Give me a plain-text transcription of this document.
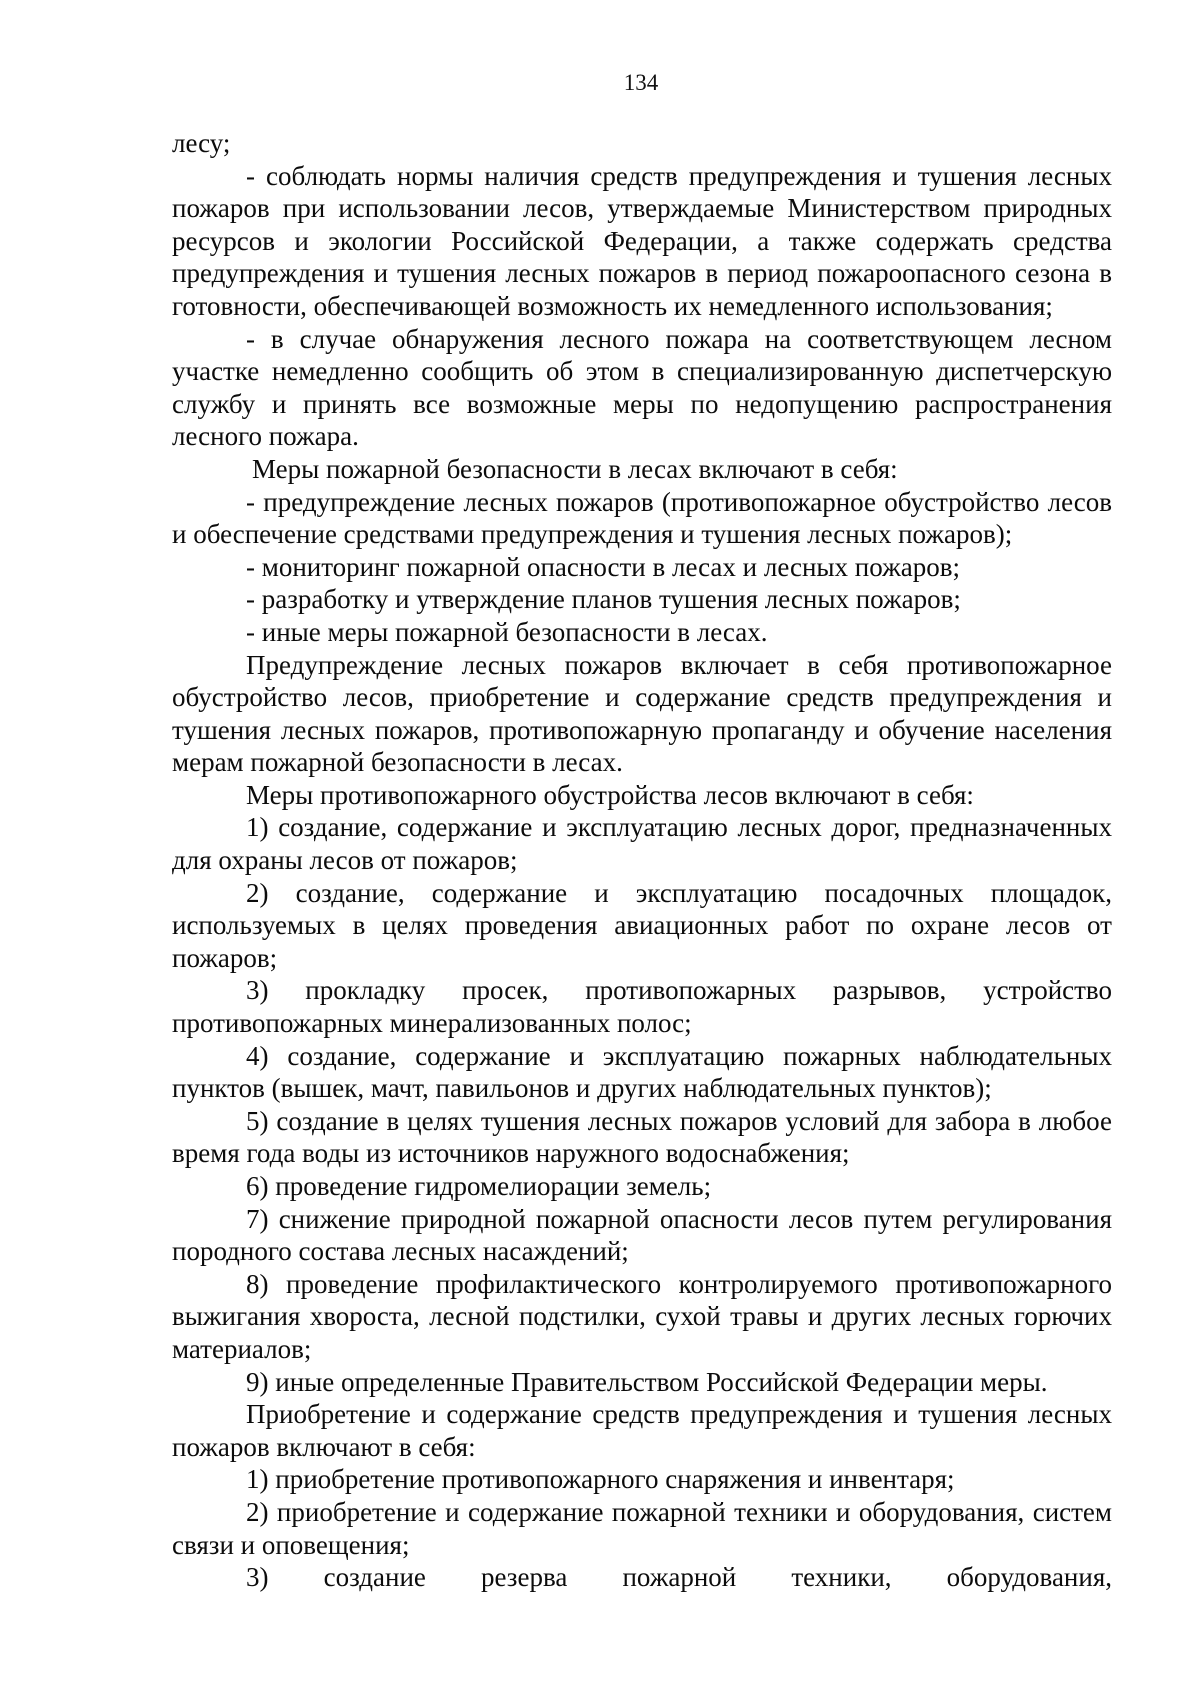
134

лесу;

- соблюдать нормы наличия средств предупреждения и тушения лесных пожаров при использовании лесов, утверждаемые Министерством природных ресурсов и экологии Российской Федерации, а также содержать средства предупреждения и тушения лесных пожаров в период пожароопасного сезона в готовности, обеспечивающей возможность их немедленного использования;

- в случае обнаружения лесного пожара на соответствующем лесном участке немедленно сообщить об этом в специализированную диспетчерскую службу и принять все возможные меры по недопущению распространения лесного пожара.

Меры пожарной безопасности в лесах включают в себя:

- предупреждение лесных пожаров (противопожарное обустройство лесов и обеспечение средствами предупреждения и тушения лесных пожаров);

- мониторинг пожарной опасности в лесах и лесных пожаров;

- разработку и утверждение планов тушения лесных пожаров;

- иные меры пожарной безопасности в лесах.

Предупреждение лесных пожаров включает в себя противопожарное обустройство лесов, приобретение и содержание средств предупреждения и тушения лесных пожаров, противопожарную пропаганду и обучение населения мерам пожарной безопасности в лесах.

Меры противопожарного обустройства лесов включают в себя:

1) создание, содержание и эксплуатацию лесных дорог, предназначенных для охраны лесов от пожаров;

2) создание, содержание и эксплуатацию посадочных площадок, используемых в целях проведения авиационных работ по охране лесов от пожаров;

3) прокладку просек, противопожарных разрывов, устройство противопожарных минерализованных полос;

4) создание, содержание и эксплуатацию пожарных наблюдательных пунктов (вышек, мачт, павильонов и других наблюдательных пунктов);

5) создание в целях тушения лесных пожаров условий для забора в любое время года воды из источников наружного водоснабжения;

6) проведение гидромелиорации земель;

7) снижение природной пожарной опасности лесов путем регулирования породного состава лесных насаждений;

8) проведение профилактического контролируемого противопожарного выжигания хвороста, лесной подстилки, сухой травы и других лесных горючих материалов;

9) иные определенные Правительством Российской Федерации меры.

Приобретение и содержание средств предупреждения и тушения лесных пожаров включают в себя:

1) приобретение противопожарного снаряжения и инвентаря;

2) приобретение и содержание пожарной техники и оборудования, систем связи и оповещения;

3) создание резерва пожарной техники, оборудования,
